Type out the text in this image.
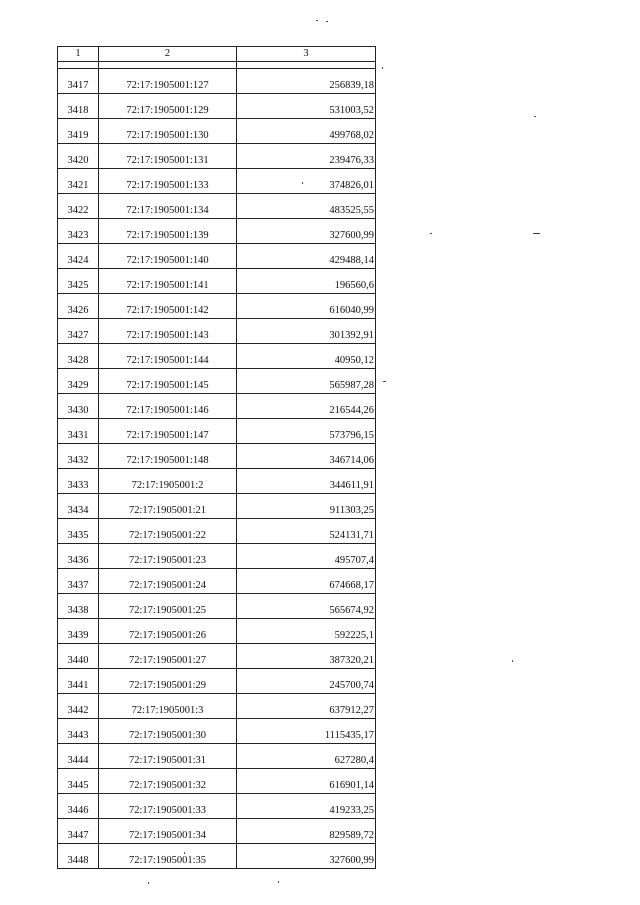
1	2	3

3417	72:17:1905001:127	256839,18
3418	72:17:1905001:129	531003,52
3419	72:17:1905001:130	499768,02
3420	72:17:1905001:131	239476,33
3421	72:17:1905001:133	374826,01
3422	72:17:1905001:134	483525,55
3423	72:17:1905001:139	327600,99
3424	72:17:1905001:140	429488,14
3425	72:17:1905001:141	196560,6
3426	72:17:1905001:142	616040,99
3427	72:17:1905001:143	301392,91
3428	72:17:1905001:144	40950,12
3429	72:17:1905001:145	565987,28
3430	72:17:1905001:146	216544,26
3431	72:17:1905001:147	573796,15
3432	72:17:1905001:148	346714,06
3433	72:17:1905001:2	344611,91
3434	72:17:1905001:21	911303,25
3435	72:17:1905001:22	524131,71
3436	72:17:1905001:23	495707,4
3437	72:17:1905001:24	674668,17
3438	72:17:1905001:25	565674,92
3439	72:17:1905001:26	592225,1
3440	72:17:1905001:27	387320,21
3441	72:17:1905001:29	245700,74
3442	72:17:1905001:3	637912,27
3443	72:17:1905001:30	1115435,17
3444	72:17:1905001:31	627280,4
3445	72:17:1905001:32	616901,14
3446	72:17:1905001:33	419233,25
3447	72:17:1905001:34	829589,72
3448	72:17:1905001:35	327600,99
